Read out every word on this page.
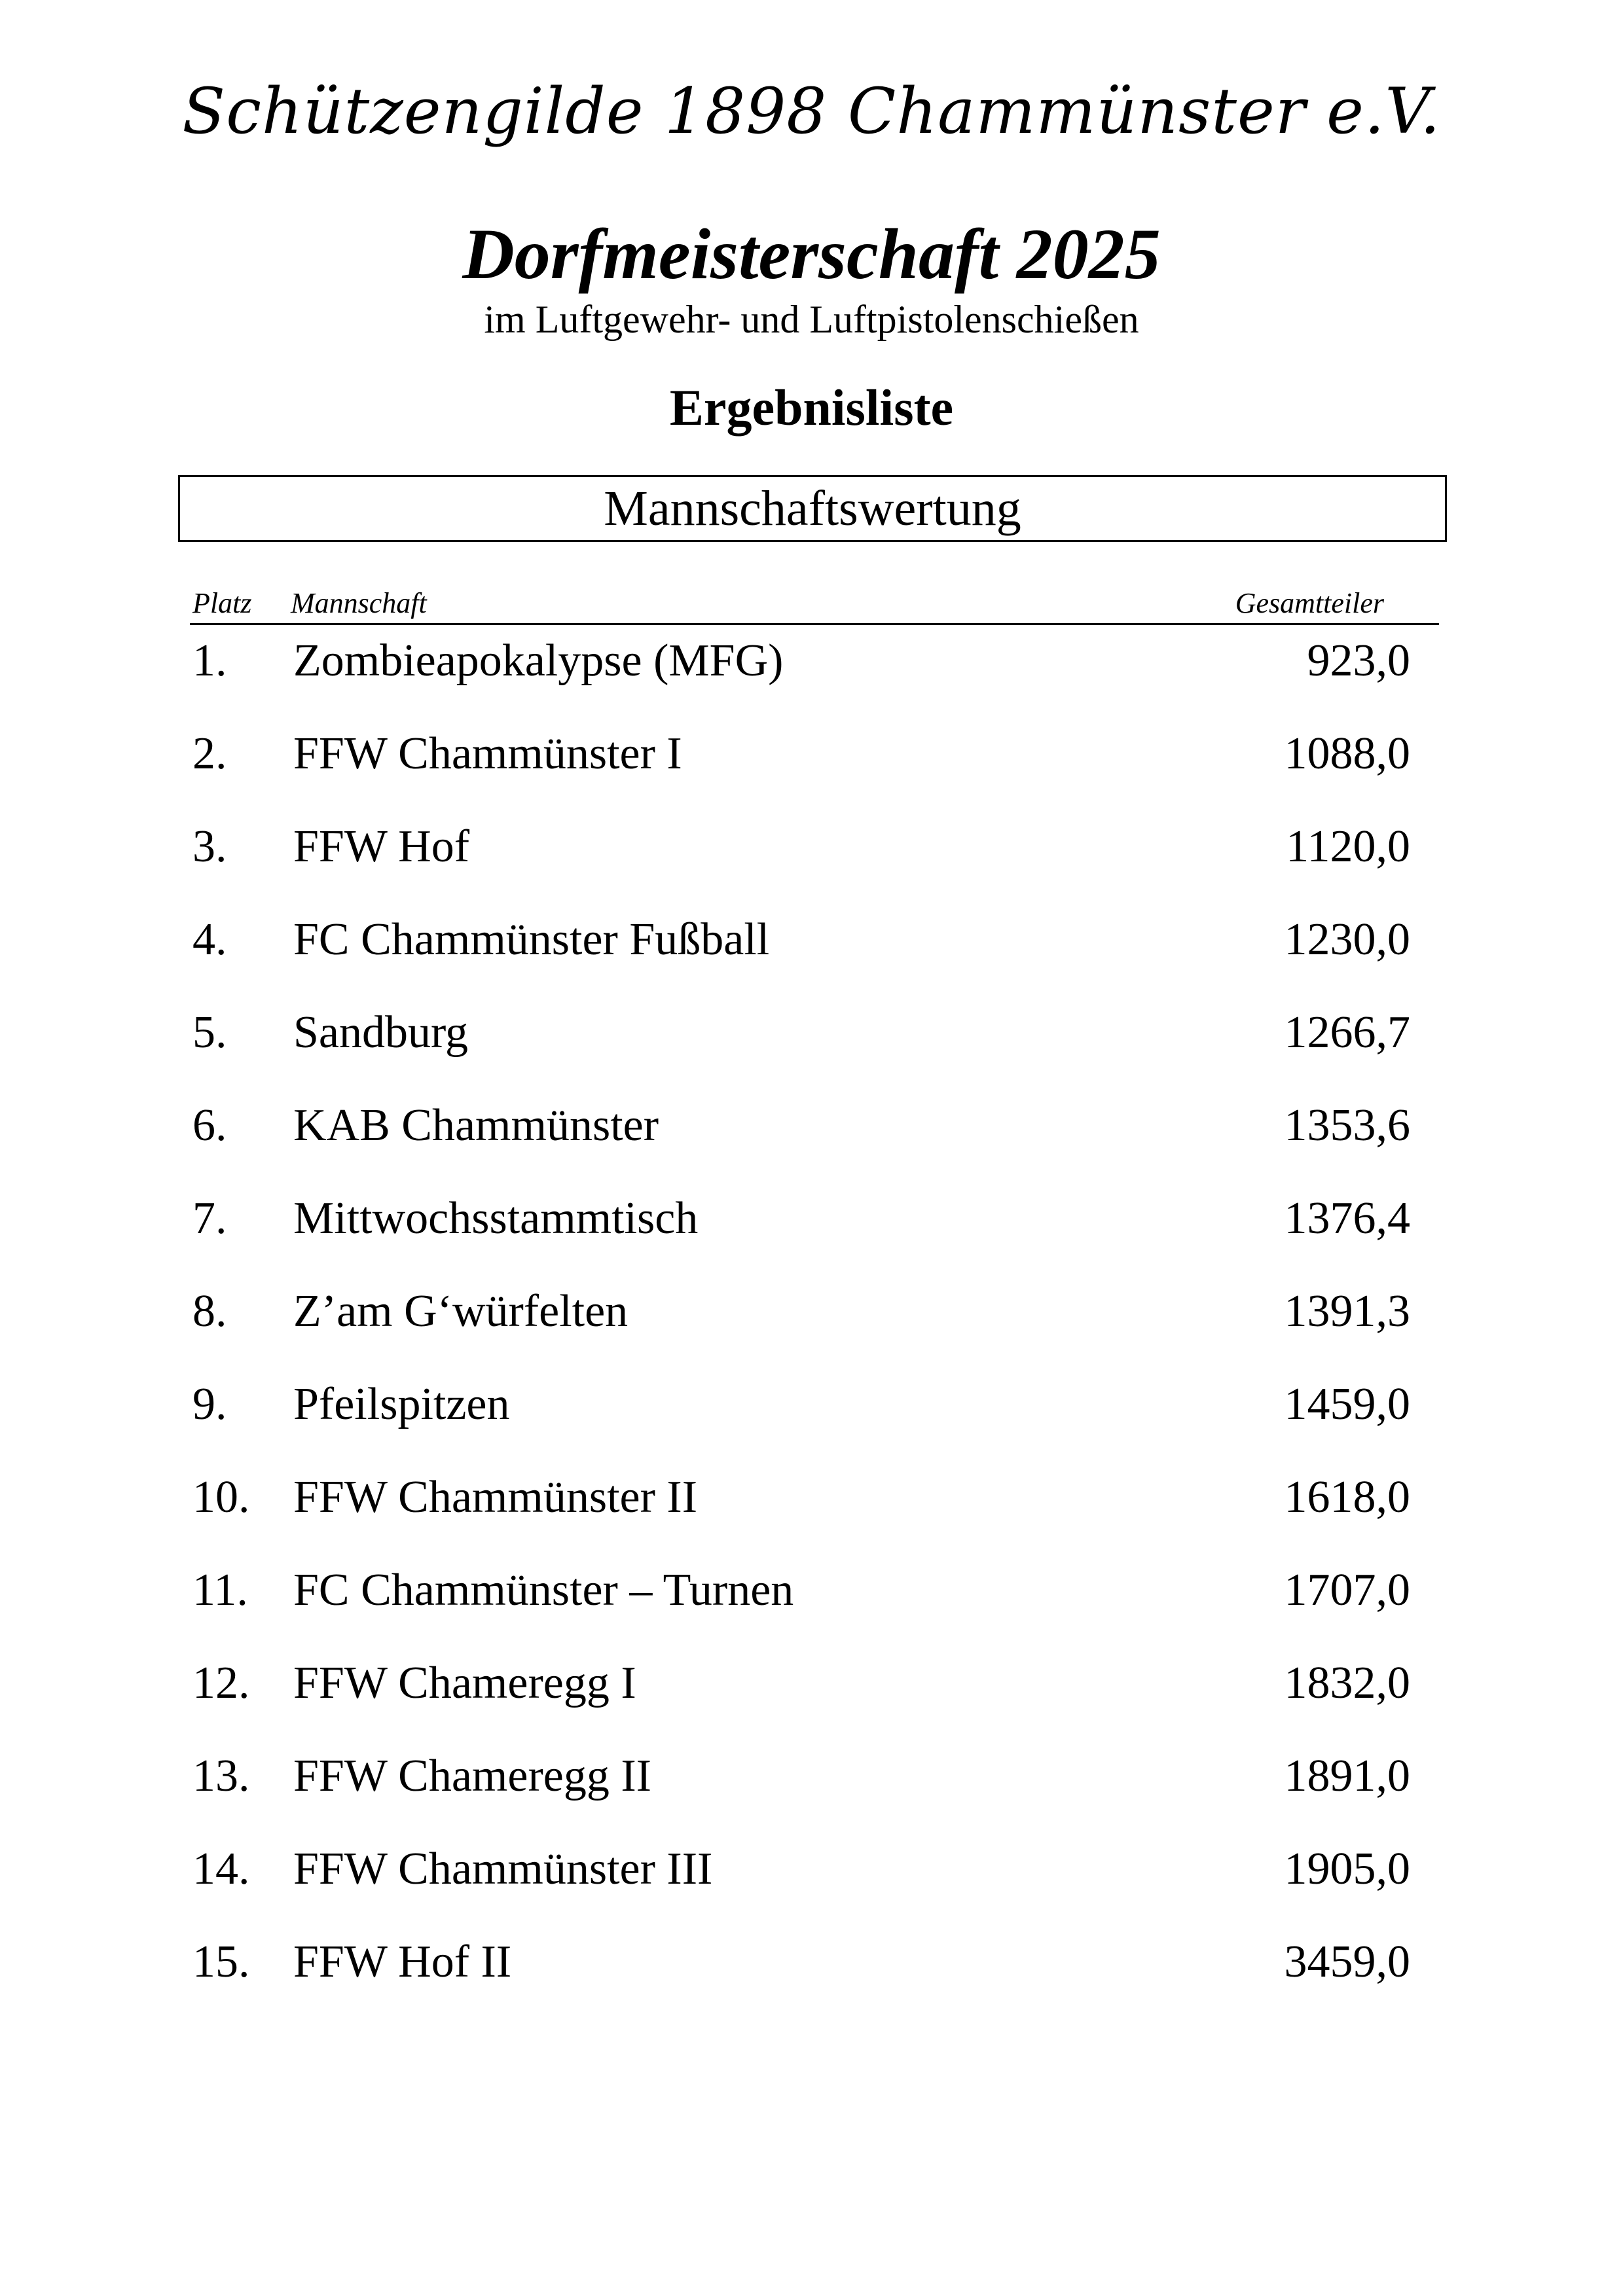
Schützengilde 1898 Chammünster e.V.
Dorfmeisterschaft 2025
im Luftgewehr- und Luftpistolenschießen
Ergebnisliste
Mannschaftswertung
Platz Mannschaft	Gesamtteiler
1. Zombieapokalypse (MFG)	923,0
2. FFW Chammünster I	1088,0
3. FFW Hof	1120,0
4. FC Chammünster Fußball	1230,0
5. Sandburg	1266,7
6. KAB Chammünster	1353,6
7. Mittwochsstammtisch	1376,4
8. Z’am G‘würfelten	1391,3
9. Pfeilspitzen	1459,0
10. FFW Chammünster II	1618,0
11. FC Chammünster – Turnen	1707,0
12. FFW Chameregg I	1832,0
13. FFW Chameregg II	1891,0
14. FFW Chammünster III	1905,0
15. FFW Hof II	3459,0
